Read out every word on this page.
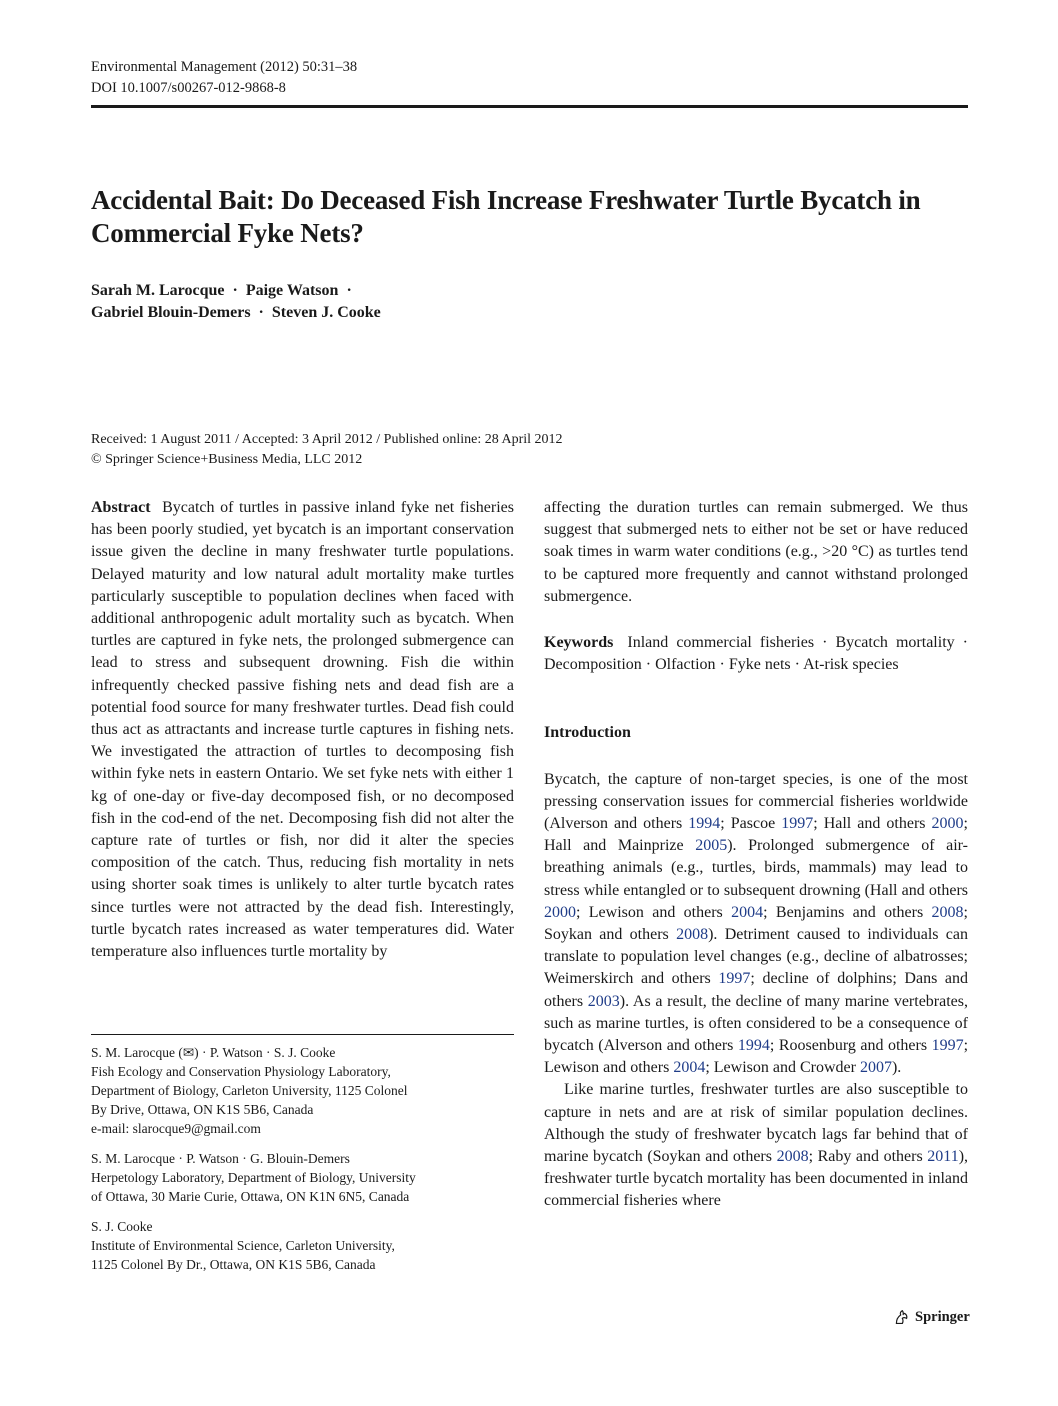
Environmental Management (2012) 50:31–38
DOI 10.1007/s00267-012-9868-8
Accidental Bait: Do Deceased Fish Increase Freshwater Turtle Bycatch in Commercial Fyke Nets?
Sarah M. Larocque · Paige Watson ·
Gabriel Blouin-Demers · Steven J. Cooke
Received: 1 August 2011 / Accepted: 3 April 2012 / Published online: 28 April 2012
© Springer Science+Business Media, LLC 2012

Abstract Bycatch of turtles in passive inland fyke net fisheries has been poorly studied, yet bycatch is an important conservation issue given the decline in many freshwater turtle populations. Delayed maturity and low natural adult mortality make turtles particularly susceptible to population declines when faced with additional anthropogenic adult mortality such as bycatch. When turtles are captured in fyke nets, the prolonged submergence can lead to stress and subsequent drowning. Fish die within infrequently checked passive fishing nets and dead fish are a potential food source for many freshwater turtles. Dead fish could thus act as attractants and increase turtle captures in fishing nets. We investigated the attraction of turtles to decomposing fish within fyke nets in eastern Ontario. We set fyke nets with either 1 kg of one-day or five-day decomposed fish, or no decomposed fish in the cod-end of the net. Decomposing fish did not alter the capture rate of turtles or fish, nor did it alter the species composition of the catch. Thus, reducing fish mortality in nets using shorter soak times is unlikely to alter turtle bycatch rates since turtles were not attracted by the dead fish. Interestingly, turtle bycatch rates increased as water temperatures did. Water temperature also influences turtle mortality by

affecting the duration turtles can remain submerged. We thus suggest that submerged nets to either not be set or have reduced soak times in warm water conditions (e.g., >20 °C) as turtles tend to be captured more frequently and cannot withstand prolonged submergence.

Keywords Inland commercial fisheries · Bycatch mortality · Decomposition · Olfaction · Fyke nets · At-risk species

Introduction

Bycatch, the capture of non-target species, is one of the most pressing conservation issues for commercial fisheries worldwide (Alverson and others 1994; Pascoe 1997; Hall and others 2000; Hall and Mainprize 2005). Prolonged submergence of air-breathing animals (e.g., turtles, birds, mammals) may lead to stress while entangled or to subsequent drowning (Hall and others 2000; Lewison and others 2004; Benjamins and others 2008; Soykan and others 2008). Detriment caused to individuals can translate to population level changes (e.g., decline of albatrosses; Weimerskirch and others 1997; decline of dolphins; Dans and others 2003). As a result, the decline of many marine vertebrates, such as marine turtles, is often considered to be a consequence of bycatch (Alverson and others 1994; Roosenburg and others 1997; Lewison and others 2004; Lewison and Crowder 2007).

Like marine turtles, freshwater turtles are also susceptible to capture in nets and are at risk of similar population declines. Although the study of freshwater bycatch lags far behind that of marine bycatch (Soykan and others 2008; Raby and others 2011), freshwater turtle bycatch mortality has been documented in inland commercial fisheries where

S. M. Larocque (✉) · P. Watson · S. J. Cooke
Fish Ecology and Conservation Physiology Laboratory,
Department of Biology, Carleton University, 1125 Colonel
By Drive, Ottawa, ON K1S 5B6, Canada
e-mail: slarocque9@gmail.com
S. M. Larocque · P. Watson · G. Blouin-Demers
Herpetology Laboratory, Department of Biology, University
of Ottawa, 30 Marie Curie, Ottawa, ON K1N 6N5, Canada
S. J. Cooke
Institute of Environmental Science, Carleton University,
1125 Colonel By Dr., Ottawa, ON K1S 5B6, Canada
Springer
